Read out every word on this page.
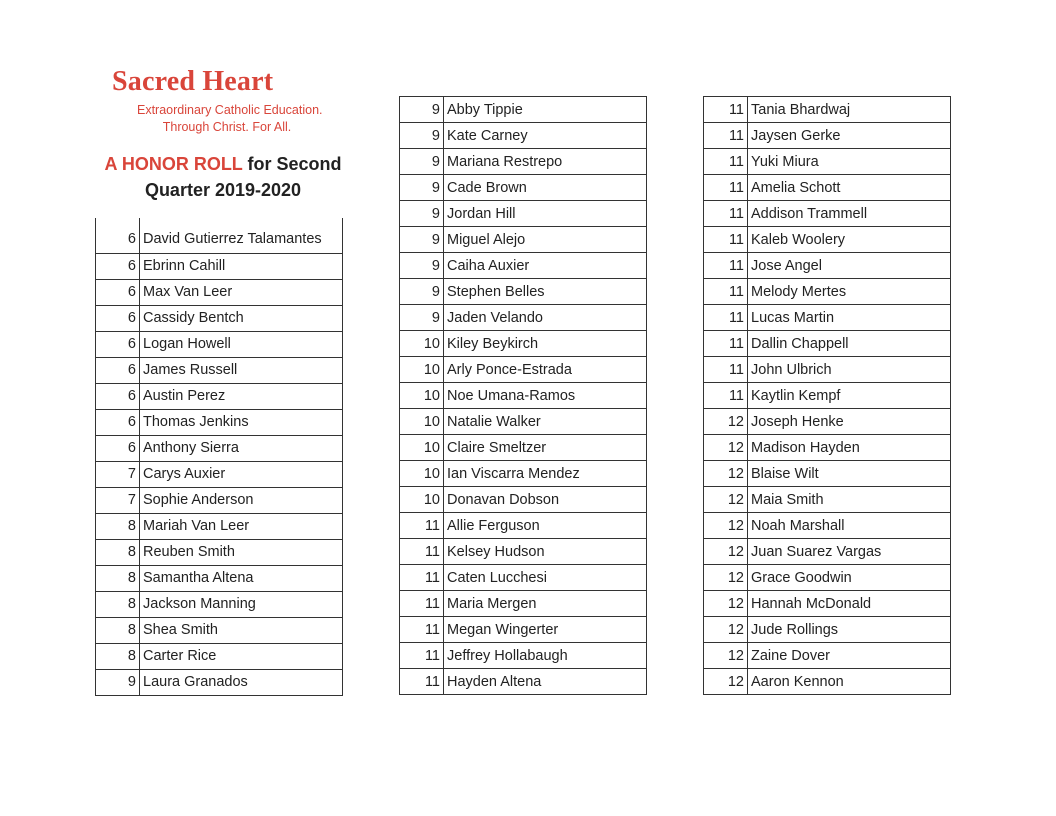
Sacred Heart
Extraordinary Catholic Education.
Through Christ. For All.
A HONOR ROLL for Second
Quarter 2019-2020
6	David Gutierrez Talamantes
6	Ebrinn Cahill
6	Max Van Leer
6	Cassidy Bentch
6	Logan Howell
6	James Russell
6	Austin Perez
6	Thomas Jenkins
6	Anthony Sierra
7	Carys Auxier
7	Sophie Anderson
8	Mariah Van Leer
8	Reuben Smith
8	Samantha Altena
8	Jackson Manning
8	Shea Smith
8	Carter Rice
9	Laura Granados
9	Abby Tippie
9	Kate Carney
9	Mariana Restrepo
9	Cade Brown
9	Jordan Hill
9	Miguel Alejo
9	Caiha Auxier
9	Stephen Belles
9	Jaden Velando
10	Kiley Beykirch
10	Arly Ponce-Estrada
10	Noe Umana-Ramos
10	Natalie Walker
10	Claire Smeltzer
10	Ian Viscarra Mendez
10	Donavan Dobson
11	Allie Ferguson
11	Kelsey Hudson
11	Caten Lucchesi
11	Maria Mergen
11	Megan Wingerter
11	Jeffrey Hollabaugh
11	Hayden Altena
11	Tania Bhardwaj
11	Jaysen Gerke
11	Yuki Miura
11	Amelia Schott
11	Addison Trammell
11	Kaleb Woolery
11	Jose Angel
11	Melody Mertes
11	Lucas Martin
11	Dallin Chappell
11	John Ulbrich
11	Kaytlin Kempf
12	Joseph Henke
12	Madison Hayden
12	Blaise Wilt
12	Maia Smith
12	Noah Marshall
12	Juan Suarez Vargas
12	Grace Goodwin
12	Hannah McDonald
12	Jude Rollings
12	Zaine Dover
12	Aaron Kennon
